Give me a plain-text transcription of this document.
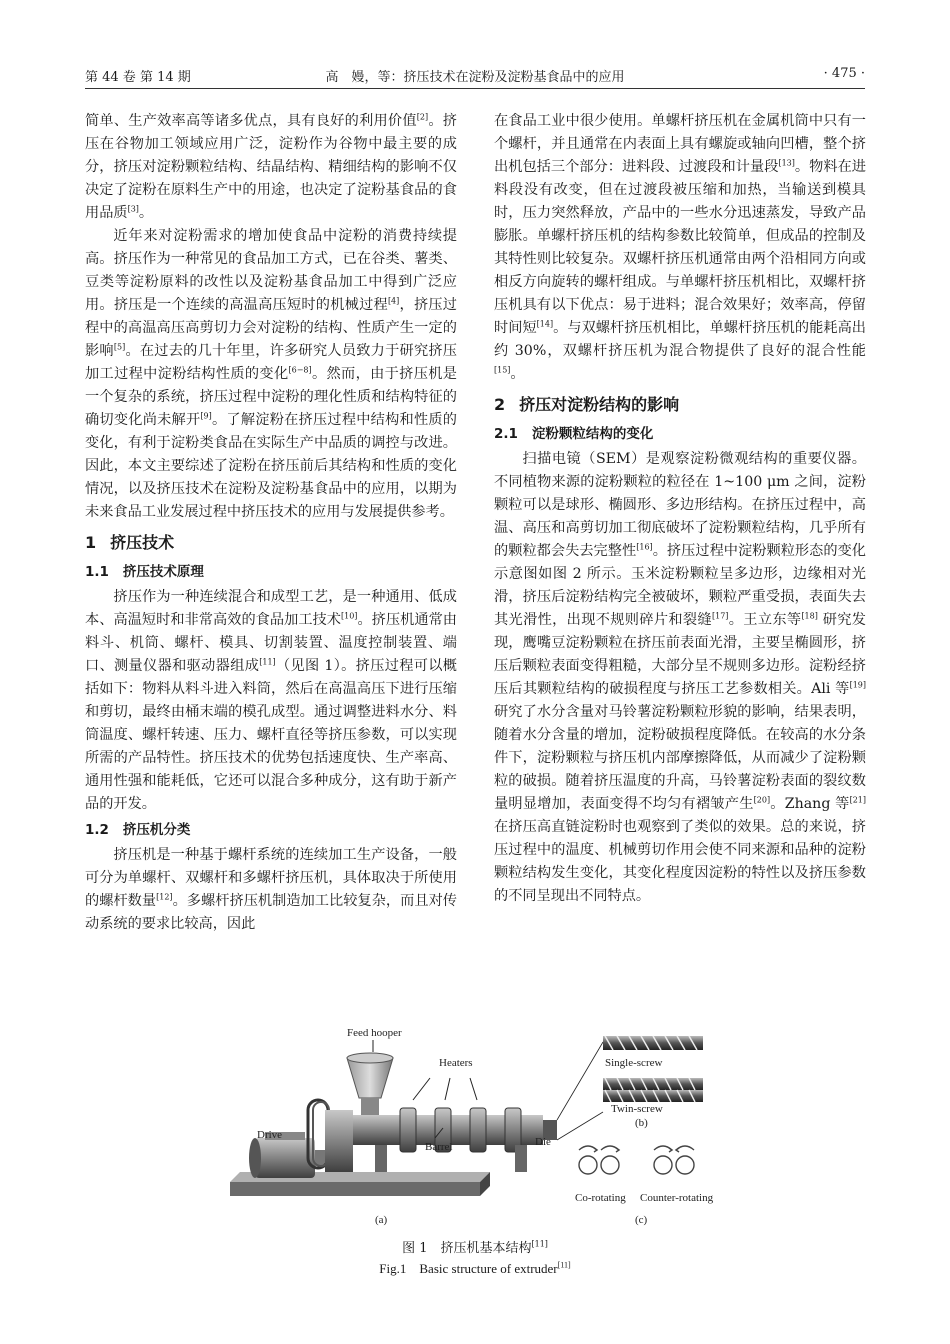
第 44 卷 第 14 期	高　嫚，等：挤压技术在淀粉及淀粉基食品中的应用	· 475 ·

简单、生产效率高等诸多优点，具有良好的利用价值[2]。挤压在谷物加工领域应用广泛，淀粉作为谷物中最主要的成分，挤压对淀粉颗粒结构、结晶结构、精细结构的影响不仅决定了淀粉在原料生产中的用途，也决定了淀粉基食品的食用品质[3]。

近年来对淀粉需求的增加使食品中淀粉的消费持续提高。挤压作为一种常见的食品加工方式，已在谷类、薯类、豆类等淀粉原料的改性以及淀粉基食品加工中得到广泛应用。挤压是一个连续的高温高压短时的机械过程[4]，挤压过程中的高温高压高剪切力会对淀粉的结构、性质产生一定的影响[5]。在过去的几十年里，许多研究人员致力于研究挤压加工过程中淀粉结构性质的变化[6−8]。然而，由于挤压机是一个复杂的系统，挤压过程中淀粉的理化性质和结构特征的确切变化尚未解开[9]。了解淀粉在挤压过程中结构和性质的变化，有利于淀粉类食品在实际生产中品质的调控与改进。因此，本文主要综述了淀粉在挤压前后其结构和性质的变化情况，以及挤压技术在淀粉及淀粉基食品中的应用，以期为未来食品工业发展过程中挤压技术的应用与发展提供参考。

1 挤压技术
1.1 挤压技术原理

挤压作为一种连续混合和成型工艺，是一种通用、低成本、高温短时和非常高效的食品加工技术[10]。挤压机通常由料斗、机筒、螺杆、模具、切割装置、温度控制装置、端口、测量仪器和驱动器组成[11]（见图 1）。挤压过程可以概括如下：物料从料斗进入料筒，然后在高温高压下进行压缩和剪切，最终由桶末端的模孔成型。通过调整进料水分、料筒温度、螺杆转速、压力、螺杆直径等挤压参数，可以实现所需的产品特性。挤压技术的优势包括速度快、生产率高、通用性强和能耗低，它还可以混合多种成分，这有助于新产品的开发。

1.2 挤压机分类

挤压机是一种基于螺杆系统的连续加工生产设备，一般可分为单螺杆、双螺杆和多螺杆挤压机，具体取决于所使用的螺杆数量[12]。多螺杆挤压机制造加工比较复杂，而且对传动系统的要求比较高，因此

在食品工业中很少使用。单螺杆挤压机在金属机筒中只有一个螺杆，并且通常在内表面上具有螺旋或轴向凹槽，整个挤出机包括三个部分：进料段、过渡段和计量段[13]。物料在进料段没有改变，但在过渡段被压缩和加热，当输送到模具时，压力突然释放，产品中的一些水分迅速蒸发，导致产品膨胀。单螺杆挤压机的结构参数比较简单，但成品的控制及其特性则比较复杂。双螺杆挤压机通常由两个沿相同方向或相反方向旋转的螺杆组成。与单螺杆挤压机相比，双螺杆挤压机具有以下优点：易于进料；混合效果好；效率高，停留时间短[14]。与双螺杆挤压机相比，单螺杆挤压机的能耗高出约 30%，双螺杆挤压机为混合物提供了良好的混合性能[15]。

2 挤压对淀粉结构的影响
2.1 淀粉颗粒结构的变化

扫描电镜（SEM）是观察淀粉微观结构的重要仪器。不同植物来源的淀粉颗粒的粒径在 1~100 μm 之间，淀粉颗粒可以是球形、椭圆形、多边形结构。在挤压过程中，高温、高压和高剪切加工彻底破坏了淀粉颗粒结构，几乎所有的颗粒都会失去完整性[16]。挤压过程中淀粉颗粒形态的变化示意图如图 2 所示。玉米淀粉颗粒呈多边形，边缘相对光滑，挤压后淀粉结构完全被破坏，颗粒严重受损，表面失去其光滑性，出现不规则碎片和裂缝[17]。王立东等[18] 研究发现，鹰嘴豆淀粉颗粒在挤压前表面光滑，主要呈椭圆形，挤压后颗粒表面变得粗糙，大部分呈不规则多边形。淀粉经挤压后其颗粒结构的破损程度与挤压工艺参数相关。Ali 等[19] 研究了水分含量对马铃薯淀粉颗粒形貌的影响，结果表明，随着水分含量的增加，淀粉破损程度降低。在较高的水分条件下，淀粉颗粒与挤压机内部摩擦降低，从而减少了淀粉颗粒的破损。随着挤压温度的升高，马铃薯淀粉表面的裂纹数量明显增加，表面变得不均匀有褶皱产生[20]。Zhang 等[21] 在挤压高直链淀粉时也观察到了类似的效果。总的来说，挤压过程中的温度、机械剪切作用会使不同来源和品种的淀粉颗粒结构发生变化，其变化程度因淀粉的特性以及挤压参数的不同呈现出不同特点。

Feed hooper
Heaters
Drive
Barrel	Die
(a)
Single-screw
Twin-screw
(b)
Co-rotating Counter-rotating
(c)
图 1　挤压机基本结构[11]
Fig.1　Basic structure of extruder[11]
